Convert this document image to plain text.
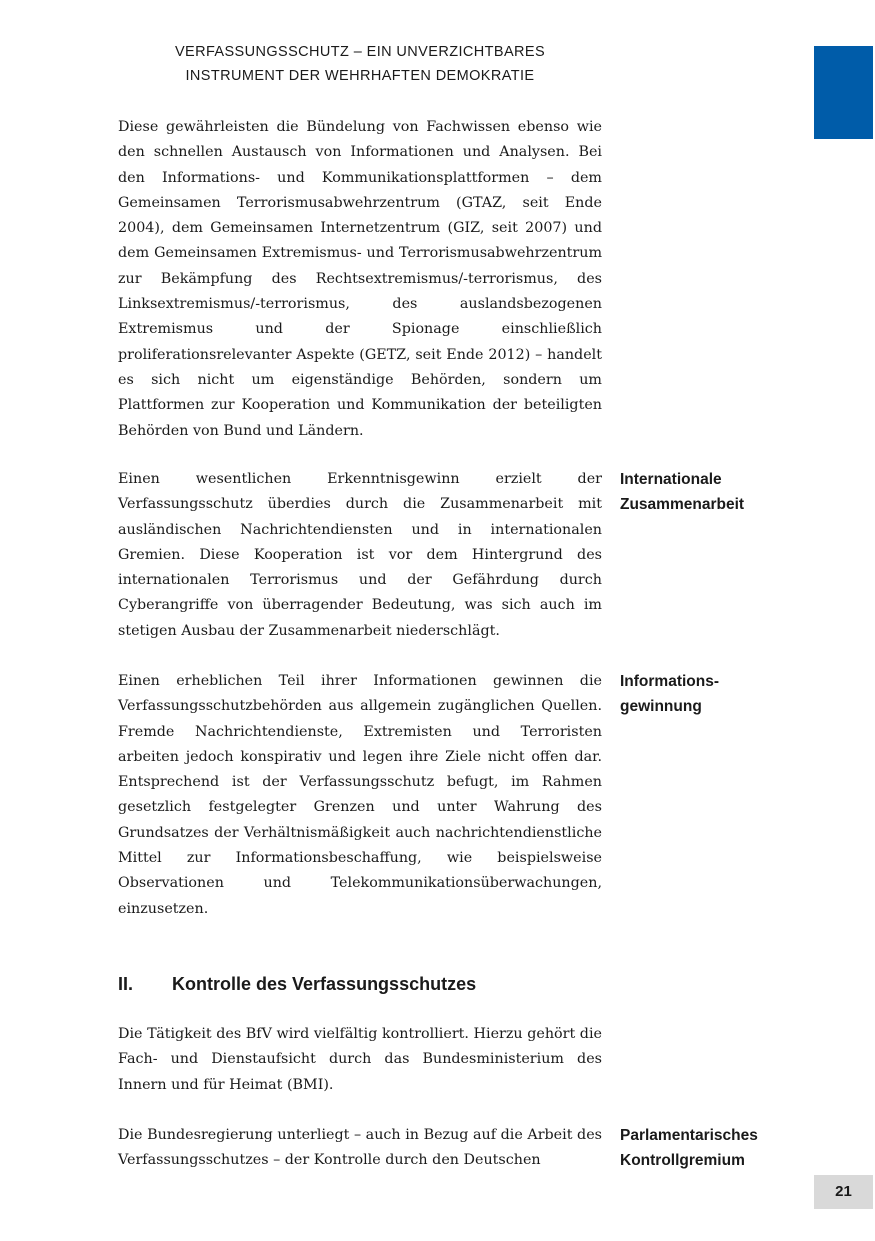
VERFASSUNGSSCHUTZ – EIN UNVERZICHTBARES
INSTRUMENT DER WEHRHAFTEN DEMOKRATIE

Diese gewährleisten die Bündelung von Fachwissen ebenso wie den schnellen Austausch von Informationen und Analysen. Bei den Informations- und Kommunikationsplattformen – dem Gemeinsamen Terrorismusabwehrzentrum (GTAZ, seit Ende 2004), dem Gemeinsamen Internetzentrum (GIZ, seit 2007) und dem Gemeinsamen Extremismus- und Terrorismusabwehrzentrum zur Bekämpfung des Rechtsextremismus/-terrorismus, des Linksextremismus/-terrorismus, des auslandsbezogenen Extremismus und der Spionage einschließlich proliferationsrelevanter Aspekte (GETZ, seit Ende 2012) – handelt es sich nicht um eigenständige Behörden, sondern um Plattformen zur Kooperation und Kommunikation der beteiligten Behörden von Bund und Ländern.

Internationale
Zusammenarbeit

Einen wesentlichen Erkenntnisgewinn erzielt der Verfassungsschutz überdies durch die Zusammenarbeit mit ausländischen Nachrichtendiensten und in internationalen Gremien. Diese Kooperation ist vor dem Hintergrund des internationalen Terrorismus und der Gefährdung durch Cyberangriffe von überragender Bedeutung, was sich auch im stetigen Ausbau der Zusammenarbeit niederschlägt.

Informations-
gewinnung

Einen erheblichen Teil ihrer Informationen gewinnen die Verfassungsschutzbehörden aus allgemein zugänglichen Quellen. Fremde Nachrichtendienste, Extremisten und Terroristen arbeiten jedoch konspirativ und legen ihre Ziele nicht offen dar. Entsprechend ist der Verfassungsschutz befugt, im Rahmen gesetzlich festgelegter Grenzen und unter Wahrung des Grundsatzes der Verhältnismäßigkeit auch nachrichtendienstliche Mittel zur Informationsbeschaffung, wie beispielsweise Observationen und Telekommunikationsüberwachungen, einzusetzen.

II. Kontrolle des Verfassungsschutzes

Die Tätigkeit des BfV wird vielfältig kontrolliert. Hierzu gehört die Fach- und Dienstaufsicht durch das Bundesministerium des Innern und für Heimat (BMI).

Parlamentarisches
Kontrollgremium

Die Bundesregierung unterliegt – auch in Bezug auf die Arbeit des Verfassungsschutzes – der Kontrolle durch den Deutschen

21
